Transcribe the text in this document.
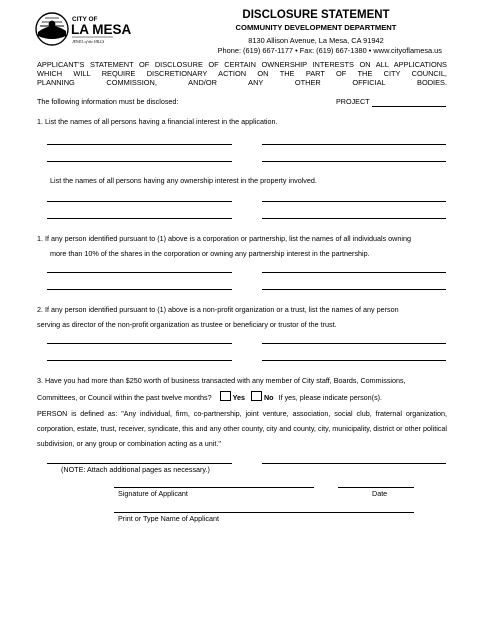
CITY OF
LA MESA
JEWEL of the HILLS
DISCLOSURE STATEMENT
COMMUNITY DEVELOPMENT DEPARTMENT
8130 Allison Avenue, La Mesa, CA 91942
Phone: (619) 667-1177 • Fax: (619) 667-1380 • www.cityoflamesa.us
APPLICANT'S STATEMENT OF DISCLOSURE OF CERTAIN OWNERSHIP INTERESTS ON ALL APPLICATIONS
WHICH WILL REQUIRE DISCRETIONARY ACTION ON THE PART OF THE CITY COUNCIL,
PLANNING COMMISSION, AND/OR ANY OTHER OFFICIAL BODIES.
The following information must be disclosed:	PROJECT
1. List the names of all persons having a financial interest in the application.
List the names of all persons having any ownership interest in the property involved.
1. If any person identified pursuant to (1) above is a corporation or partnership, list the names of all individuals owning
more than 10% of the shares in the corporation or owning any partnership interest in the partnership.
2. If any person identified pursuant to (1) above is a non-profit organization or a trust, list the names of any person
serving as director of the non-profit organization as trustee or beneficiary or trustor of the trust.
3. Have you had more than $250 worth of business transacted with any member of City staff, Boards, Commissions,
Committees, or Council within the past twelve months?	Yes	No If yes, please indicate person(s).
PERSON is defined as: "Any individual, firm, co-partnership, joint venture, association, social club, fraternal organization, corporation, estate, trust, receiver, syndicate, this and any other county, city and county, city, municipality, district or other political subdivision, or any group or combination acting as a unit."
(NOTE: Attach additional pages as necessary.)
Signature of Applicant	Date
Print or Type Name of Applicant
